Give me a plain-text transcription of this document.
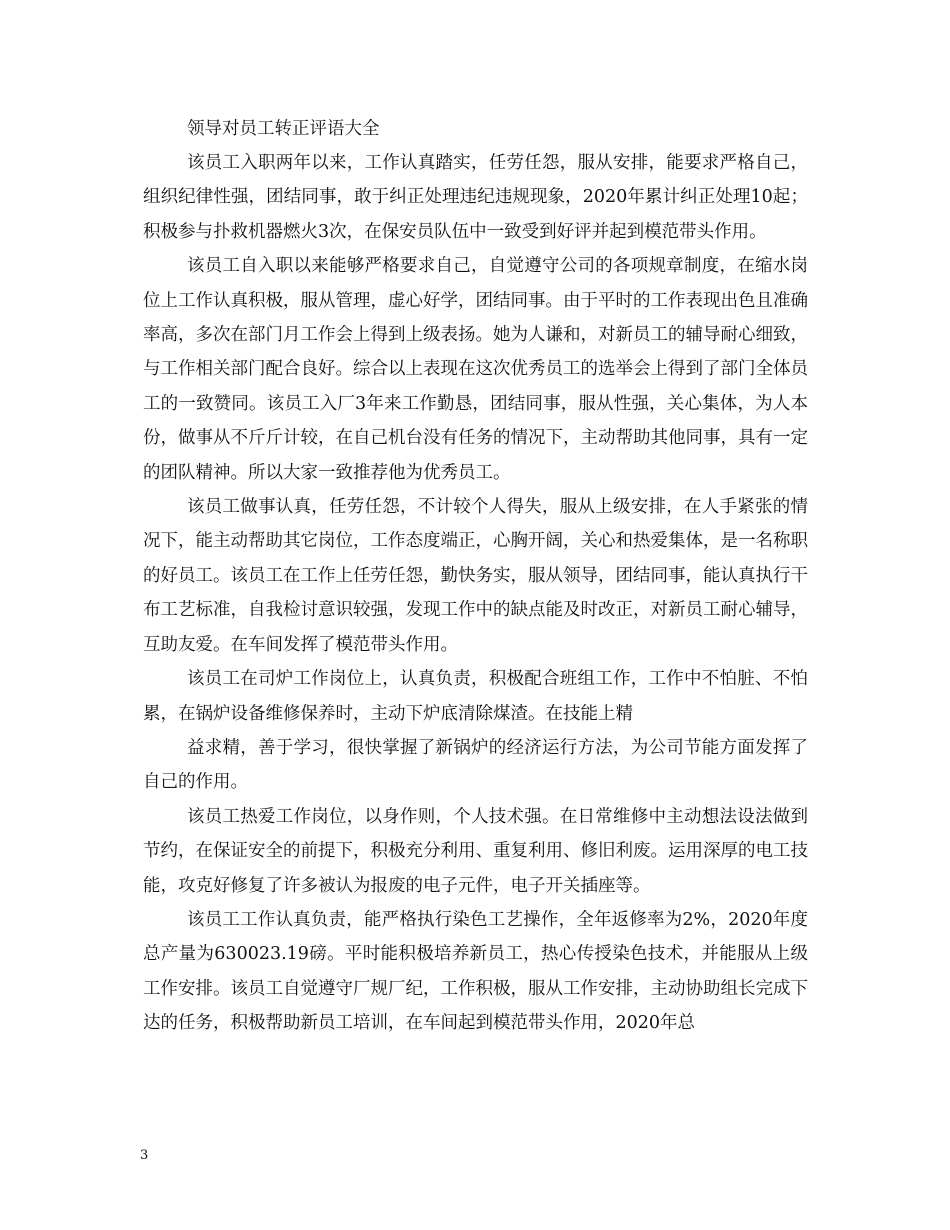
领导对员工转正评语大全

该员工入职两年以来，工作认真踏实，任劳任怨，服从安排，能要求严格自己，组织纪律性强，团结同事，敢于纠正处理违纪违规现象，2020年累计纠正处理10起；积极参与扑救机器燃火3次，在保安员队伍中一致受到好评并起到模范带头作用。

该员工自入职以来能够严格要求自己，自觉遵守公司的各项规章制度，在缩水岗位上工作认真积极，服从管理，虚心好学，团结同事。由于平时的工作表现出色且准确率高，多次在部门月工作会上得到上级表扬。她为人谦和，对新员工的辅导耐心细致，与工作相关部门配合良好。综合以上表现在这次优秀员工的选举会上得到了部门全体员工的一致赞同。该员工入厂3年来工作勤恳，团结同事，服从性强，关心集体，为人本份，做事从不斤斤计较，在自己机台没有任务的情况下，主动帮助其他同事，具有一定的团队精神。所以大家一致推荐他为优秀员工。

该员工做事认真，任劳任怨，不计较个人得失，服从上级安排，在人手紧张的情况下，能主动帮助其它岗位，工作态度端正，心胸开阔，关心和热爱集体，是一名称职的好员工。该员工在工作上任劳任怨，勤快务实，服从领导，团结同事，能认真执行干布工艺标准，自我检讨意识较强，发现工作中的缺点能及时改正，对新员工耐心辅导，互助友爱。在车间发挥了模范带头作用。

该员工在司炉工作岗位上，认真负责，积极配合班组工作，工作中不怕脏、不怕累，在锅炉设备维修保养时，主动下炉底清除煤渣。在技能上精

益求精，善于学习，很快掌握了新锅炉的经济运行方法，为公司节能方面发挥了自己的作用。

该员工热爱工作岗位，以身作则，个人技术强。在日常维修中主动想法设法做到节约，在保证安全的前提下，积极充分利用、重复利用、修旧利废。运用深厚的电工技能，攻克好修复了许多被认为报废的电子元件，电子开关插座等。

该员工工作认真负责，能严格执行染色工艺操作，全年返修率为2%，2020年度总产量为630023.19磅。平时能积极培养新员工，热心传授染色技术，并能服从上级工作安排。该员工自觉遵守厂规厂纪，工作积极，服从工作安排，主动协助组长完成下达的任务，积极帮助新员工培训，在车间起到模范带头作用，2020年总

3
